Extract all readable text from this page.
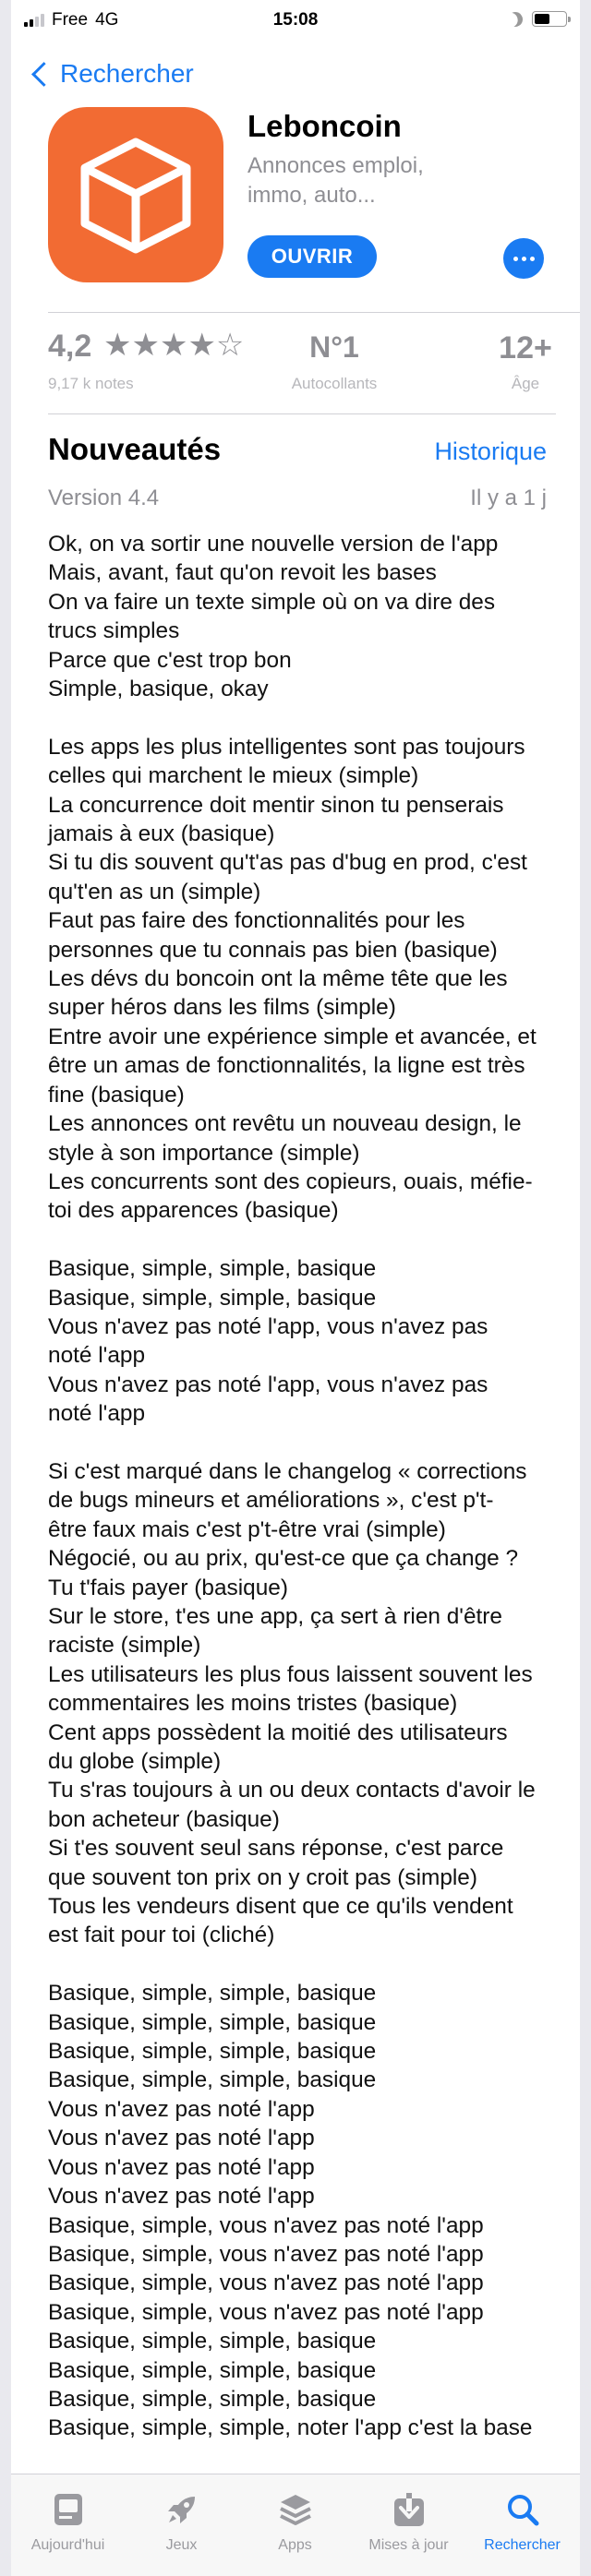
Free 4G	15:08
Rechercher
Leboncoin
Annonces emploi, immo, auto...
OUVRIR
4,2 ★★★★☆
9,17 k notes
N°1
Autocollants
12+
Âge
Nouveautés	Historique
Version 4.4	Il y a 1 j
Ok, on va sortir une nouvelle version de l'app
Mais, avant, faut qu'on revoit les bases
On va faire un texte simple où on va dire des
trucs simples
Parce que c'est trop bon
Simple, basique, okay
Les apps les plus intelligentes sont pas toujours
celles qui marchent le mieux (simple)
La concurrence doit mentir sinon tu penserais
jamais à eux (basique)
Si tu dis souvent qu't'as pas d'bug en prod, c'est
qu't'en as un (simple)
Faut pas faire des fonctionnalités pour les
personnes que tu connais pas bien (basique)
Les dévs du boncoin ont la même tête que les
super héros dans les films (simple)
Entre avoir une expérience simple et avancée, et
être un amas de fonctionnalités, la ligne est très
fine (basique)
Les annonces ont revêtu un nouveau design, le
style à son importance (simple)
Les concurrents sont des copieurs, ouais, méfie-
toi des apparences (basique)
Basique, simple, simple, basique
Basique, simple, simple, basique
Vous n'avez pas noté l'app, vous n'avez pas
noté l'app
Vous n'avez pas noté l'app, vous n'avez pas
noté l'app
Si c'est marqué dans le changelog « corrections
de bugs mineurs et améliorations », c'est p't-
être faux mais c'est p't-être vrai (simple)
Négocié, ou au prix, qu'est-ce que ça change ?
Tu t'fais payer (basique)
Sur le store, t'es une app, ça sert à rien d'être
raciste (simple)
Les utilisateurs les plus fous laissent souvent les
commentaires les moins tristes (basique)
Cent apps possèdent la moitié des utilisateurs
du globe (simple)
Tu s'ras toujours à un ou deux contacts d'avoir le
bon acheteur (basique)
Si t'es souvent seul sans réponse, c'est parce
que souvent ton prix on y croit pas (simple)
Tous les vendeurs disent que ce qu'ils vendent
est fait pour toi (cliché)
Basique, simple, simple, basique
Basique, simple, simple, basique
Basique, simple, simple, basique
Basique, simple, simple, basique
Vous n'avez pas noté l'app
Vous n'avez pas noté l'app
Vous n'avez pas noté l'app
Vous n'avez pas noté l'app
Basique, simple, vous n'avez pas noté l'app
Basique, simple, vous n'avez pas noté l'app
Basique, simple, vous n'avez pas noté l'app
Basique, simple, vous n'avez pas noté l'app
Basique, simple, simple, basique
Basique, simple, simple, basique
Basique, simple, simple, basique
Basique, simple, simple, noter l'app c'est la base
Aujourd'hui	Jeux	Apps	Mises à jour Rechercher
